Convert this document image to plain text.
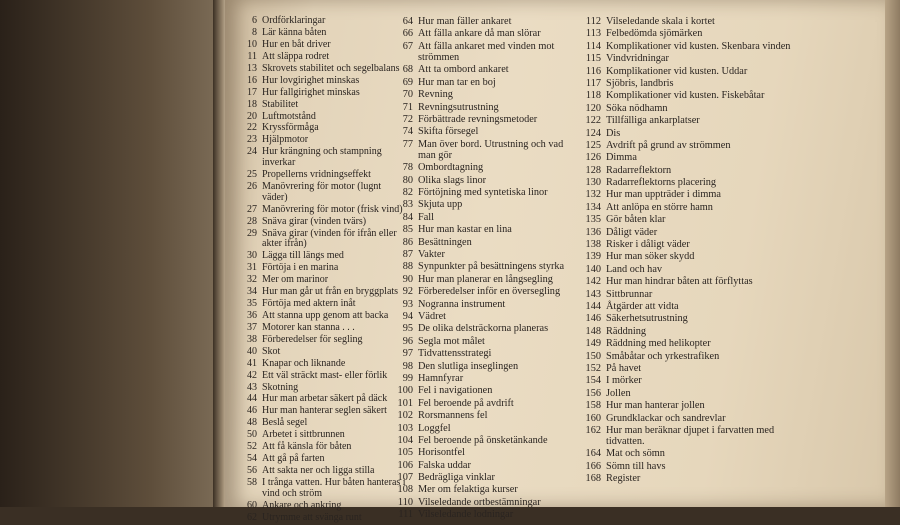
6 Ordförklaringar
8 Lär känna båten
10 Hur en båt driver
11 Att släppa rodret
13 Skrovets stabilitet och segelbalans
16 Hur lovgirighet minskas
17 Hur fallgirighet minskas
18 Stabilitet
20 Luftmotstånd
22 Kryssförmåga
23 Hjälpmotor
24 Hur krängning och stampning inverkar
25 Propellerns vridningseffekt
26 Manövrering för motor (lugnt väder)
27 Manövrering för motor (frisk vind)
28 Snäva girar (vinden tvärs)
29 Snäva girar (vinden för ifrån eller akter ifrån)
30 Lägga till längs med
31 Förtöja i en marina
32 Mer om marinor
34 Hur man går ut från en bryggplats
35 Förtöja med aktern inåt
36 Att stanna upp genom att backa
37 Motorer kan stanna . . .
38 Förberedelser för segling
40 Skot
41 Knapar och liknande
42 Ett väl sträckt mast- eller förlik
43 Skotning
44 Hur man arbetar säkert på däck
46 Hur man hanterar seglen säkert
48 Beslå segel
50 Arbetet i sittbrunnen
52 Att få känsla för båten
54 Att gå på farten
56 Att sakta ner och ligga stilla
58 I trånga vatten. Hur båten hanteras i vind och ström
60 Ankare och ankring
62 Utrymme att svänga runt
64 Hur man fäller ankaret
66 Att fälla ankare då man slörar
67 Att fälla ankaret med vinden mot strömmen
68 Att ta ombord ankaret
69 Hur man tar en boj
70 Revning
71 Revningsutrustning
72 Förbättrade revningsmetoder
74 Skifta försegel
77 Man över bord. Utrustning och vad man gör
78 Ombordtagning
80 Olika slags linor
82 Förtöjning med syntetiska linor
83 Skjuta upp
84 Fall
85 Hur man kastar en lina
86 Besättningen
87 Vakter
88 Synpunkter på besättningens styrka
90 Hur man planerar en långsegling
92 Förberedelser inför en översegling
93 Nogranna instrument
94 Vädret
95 De olika delsträckorna planeras
96 Segla mot målet
97 Tidvattensstrategi
98 Den slutliga inseglingen
99 Hamnfyrar
100 Fel i navigationen
101 Fel beroende på avdrift
102 Rorsmannens fel
103 Loggfel
104 Fel beroende på önsketänkande
105 Horisontfel
106 Falska uddar
107 Bedrägliga vinklar
108 Mer om felaktiga kurser
110 Vilseledande ortbestämningar
111 Vilseledande lodningar
112 Vilseledande skala i kortet
113 Felbedömda sjömärken
114 Komplikationer vid kusten. Skenbara vinden
115 Vindvridningar
116 Komplikationer vid kusten. Uddar
117 Sjöbris, landbris
118 Komplikationer vid kusten. Fiskebåtar
120 Söka nödhamn
122 Tillfälliga ankarplatser
124 Dis
125 Avdrift på grund av strömmen
126 Dimma
128 Radarreflektorn
130 Radarreflektorns placering
132 Hur man uppträder i dimma
134 Att anlöpa en större hamn
135 Gör båten klar
136 Dåligt väder
138 Risker i dåligt väder
139 Hur man söker skydd
140 Land och hav
142 Hur man hindrar båten att förflyttas
143 Sittbrunnar
144 Åtgärder att vidta
146 Säkerhetsutrustning
148 Räddning
149 Räddning med helikopter
150 Småbåtar och yrkestrafiken
152 På havet
154 I mörker
156 Jollen
158 Hur man hanterar jollen
160 Grundklackar och sandrevlar
162 Hur man beräknar djupet i farvatten med tidvatten.
164 Mat och sömn
166 Sömn till havs
168 Register
